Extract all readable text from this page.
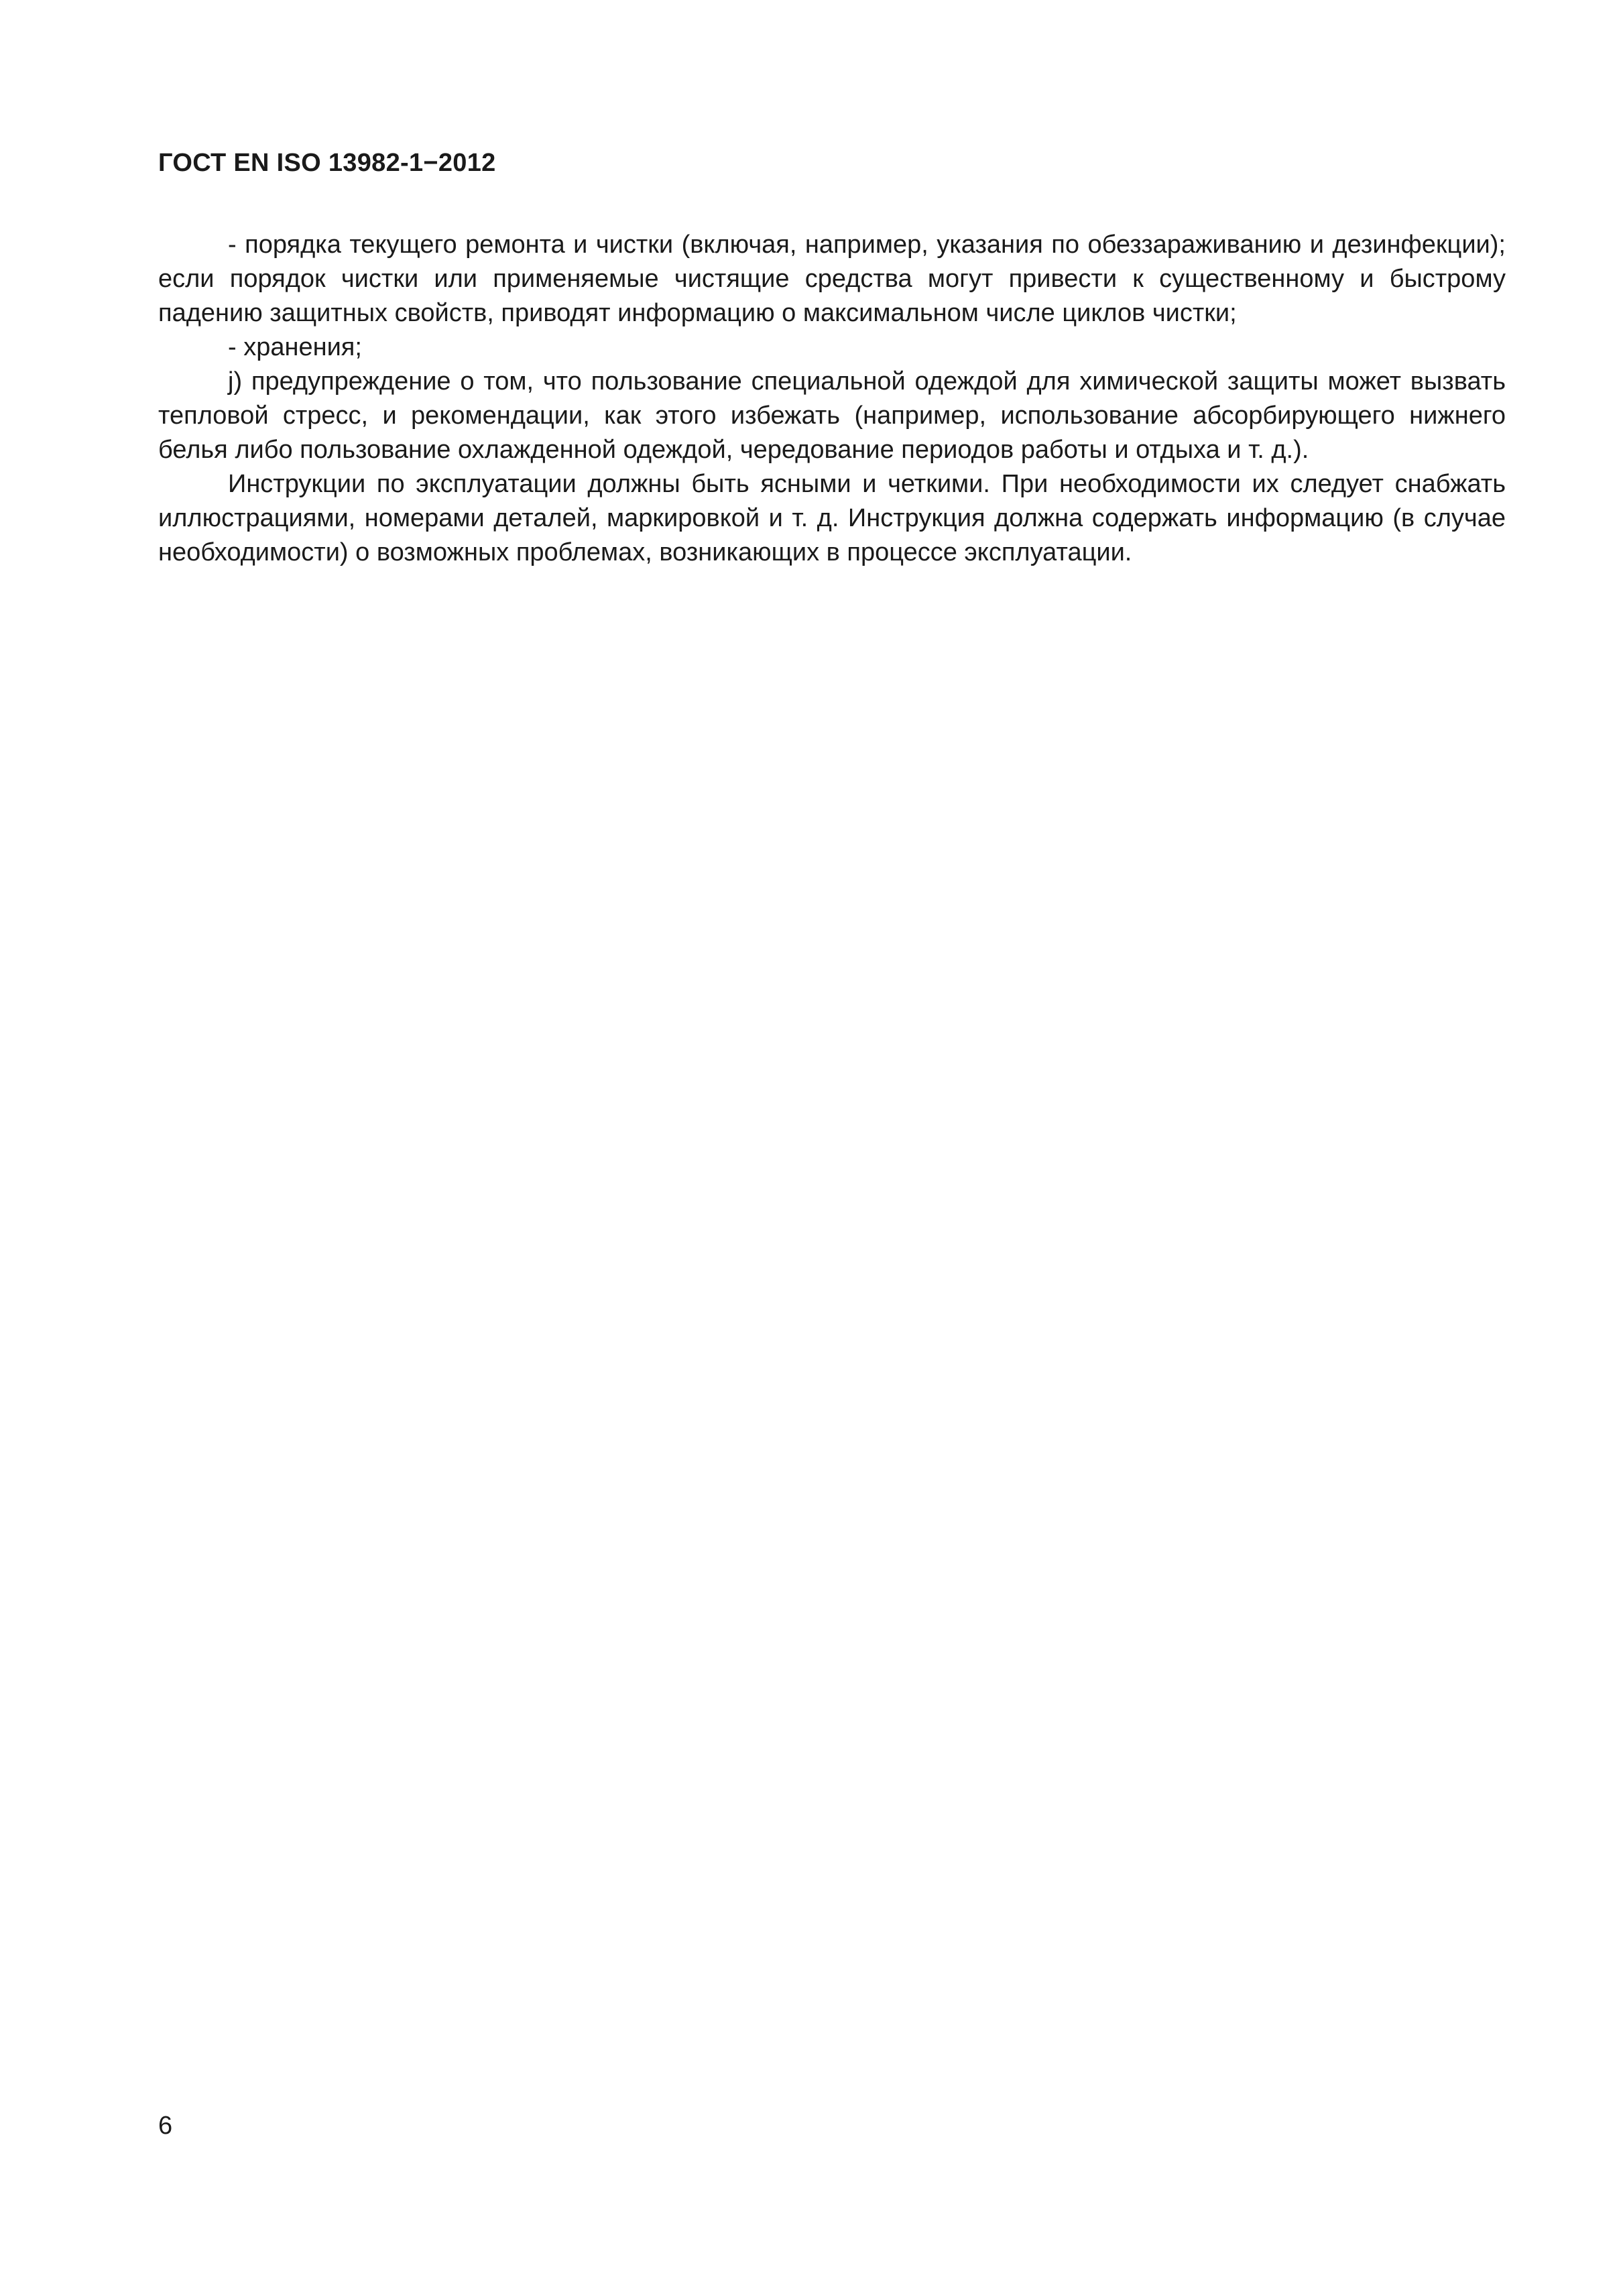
ГОСТ EN ISO 13982-1−2012

- порядка текущего ремонта и чистки (включая, например, указания по обеззараживанию и дезинфекции); если порядок чистки или применяемые чистящие средства могут привести к существенному и быстрому падению защитных свойств, приводят информацию о максимальном числе циклов чистки;

- хранения;

j) предупреждение о том, что пользование специальной одеждой для химической защиты может вызвать тепловой стресс, и рекомендации, как этого избежать (например, использование абсорбирующего нижнего белья либо пользование охлажденной одеждой, чередование периодов работы и отдыха и т. д.).

Инструкции по эксплуатации должны быть ясными и четкими. При необходимости их следует снабжать иллюстрациями, номерами деталей, маркировкой и т. д. Инструкция должна содержать информацию (в случае необходимости) о возможных проблемах, возникающих в процессе эксплуатации.

6
